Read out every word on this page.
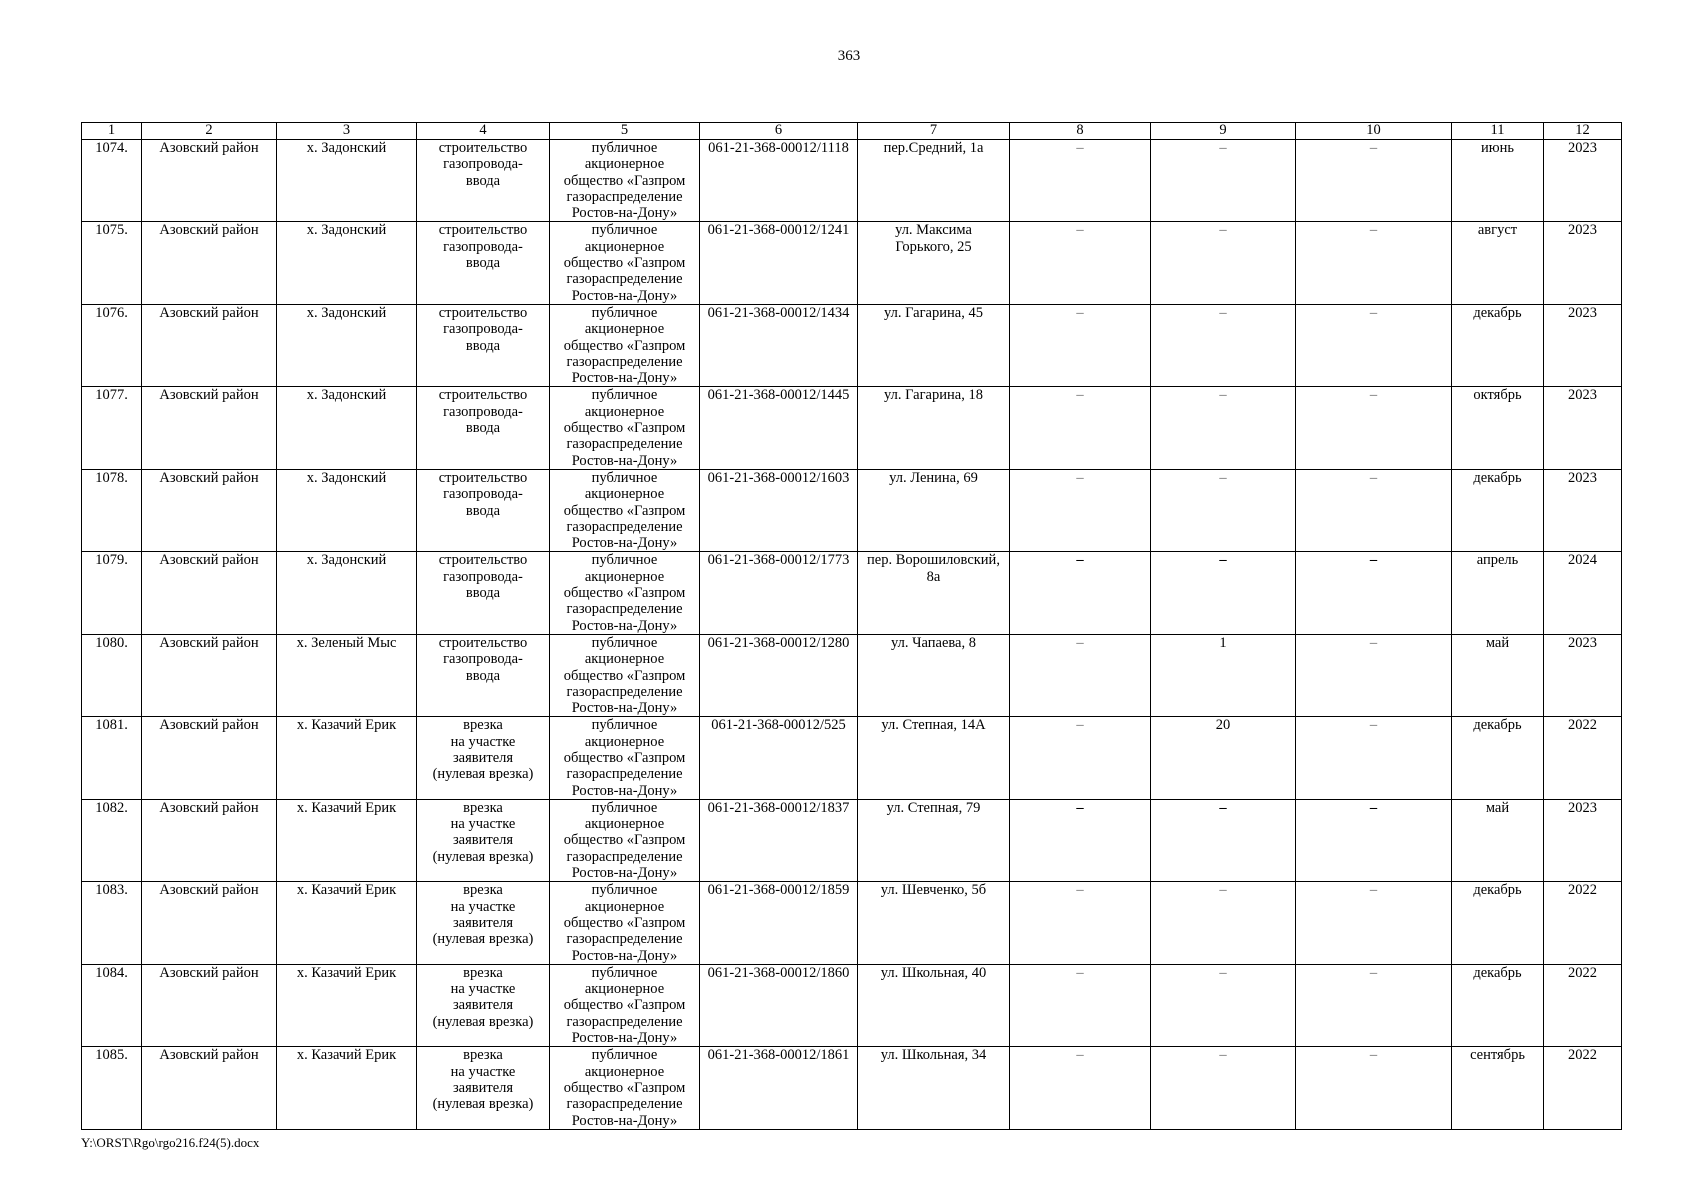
363
1	2	3	4	5	6	7	8	9	10	11	12
1074.	Азовский район	х. Задонский	строительство
газопровода-
ввода	публичное
акционерное
общество «Газпром
газораспределение
Ростов-на-Дону»	061-21-368-00012/1118	пер.Средний, 1а	–	–	–	июнь	2023
1075.	Азовский район	х. Задонский	строительство
газопровода-
ввода	публичное
акционерное
общество «Газпром
газораспределение
Ростов-на-Дону»	061-21-368-00012/1241	ул. Максима
Горького, 25	–	–	–	август	2023
1076.	Азовский район	х. Задонский	строительство
газопровода-
ввода	публичное
акционерное
общество «Газпром
газораспределение
Ростов-на-Дону»	061-21-368-00012/1434	ул. Гагарина, 45	–	–	–	декабрь	2023
1077.	Азовский район	х. Задонский	строительство
газопровода-
ввода	публичное
акционерное
общество «Газпром
газораспределение
Ростов-на-Дону»	061-21-368-00012/1445	ул. Гагарина, 18	–	–	–	октябрь	2023
1078.	Азовский район	х. Задонский	строительство
газопровода-
ввода	публичное
акционерное
общество «Газпром
газораспределение
Ростов-на-Дону»	061-21-368-00012/1603	ул. Ленина, 69	–	–	–	декабрь	2023
1079.	Азовский район	х. Задонский	строительство
газопровода-
ввода	публичное
акционерное
общество «Газпром
газораспределение
Ростов-на-Дону»	061-21-368-00012/1773	пер. Ворошиловский,
8а	–	–	–	апрель	2024
1080.	Азовский район	х. Зеленый Мыс	строительство
газопровода-
ввода	публичное
акционерное
общество «Газпром
газораспределение
Ростов-на-Дону»	061-21-368-00012/1280	ул. Чапаева, 8	–	1	–	май	2023
1081.	Азовский район	х. Казачий Ерик	врезка
на участке
заявителя
(нулевая врезка)	публичное
акционерное
общество «Газпром
газораспределение
Ростов-на-Дону»	061-21-368-00012/525	ул. Степная, 14А	–	20	–	декабрь	2022
1082.	Азовский район	х. Казачий Ерик	врезка
на участке
заявителя
(нулевая врезка)	публичное
акционерное
общество «Газпром
газораспределение
Ростов-на-Дону»	061-21-368-00012/1837	ул. Степная, 79	–	–	–	май	2023
1083.	Азовский район	х. Казачий Ерик	врезка
на участке
заявителя
(нулевая врезка)	публичное
акционерное
общество «Газпром
газораспределение
Ростов-на-Дону»	061-21-368-00012/1859	ул. Шевченко, 5б	–	–	–	декабрь	2022
1084.	Азовский район	х. Казачий Ерик	врезка
на участке
заявителя
(нулевая врезка)	публичное
акционерное
общество «Газпром
газораспределение
Ростов-на-Дону»	061-21-368-00012/1860	ул. Школьная, 40	–	–	–	декабрь	2022
1085.	Азовский район	х. Казачий Ерик	врезка
на участке
заявителя
(нулевая врезка)	публичное
акционерное
общество «Газпром
газораспределение
Ростов-на-Дону»	061-21-368-00012/1861	ул. Школьная, 34	–	–	–	сентябрь	2022
Y:\ORST\Rgo\rgo216.f24(5).docx
